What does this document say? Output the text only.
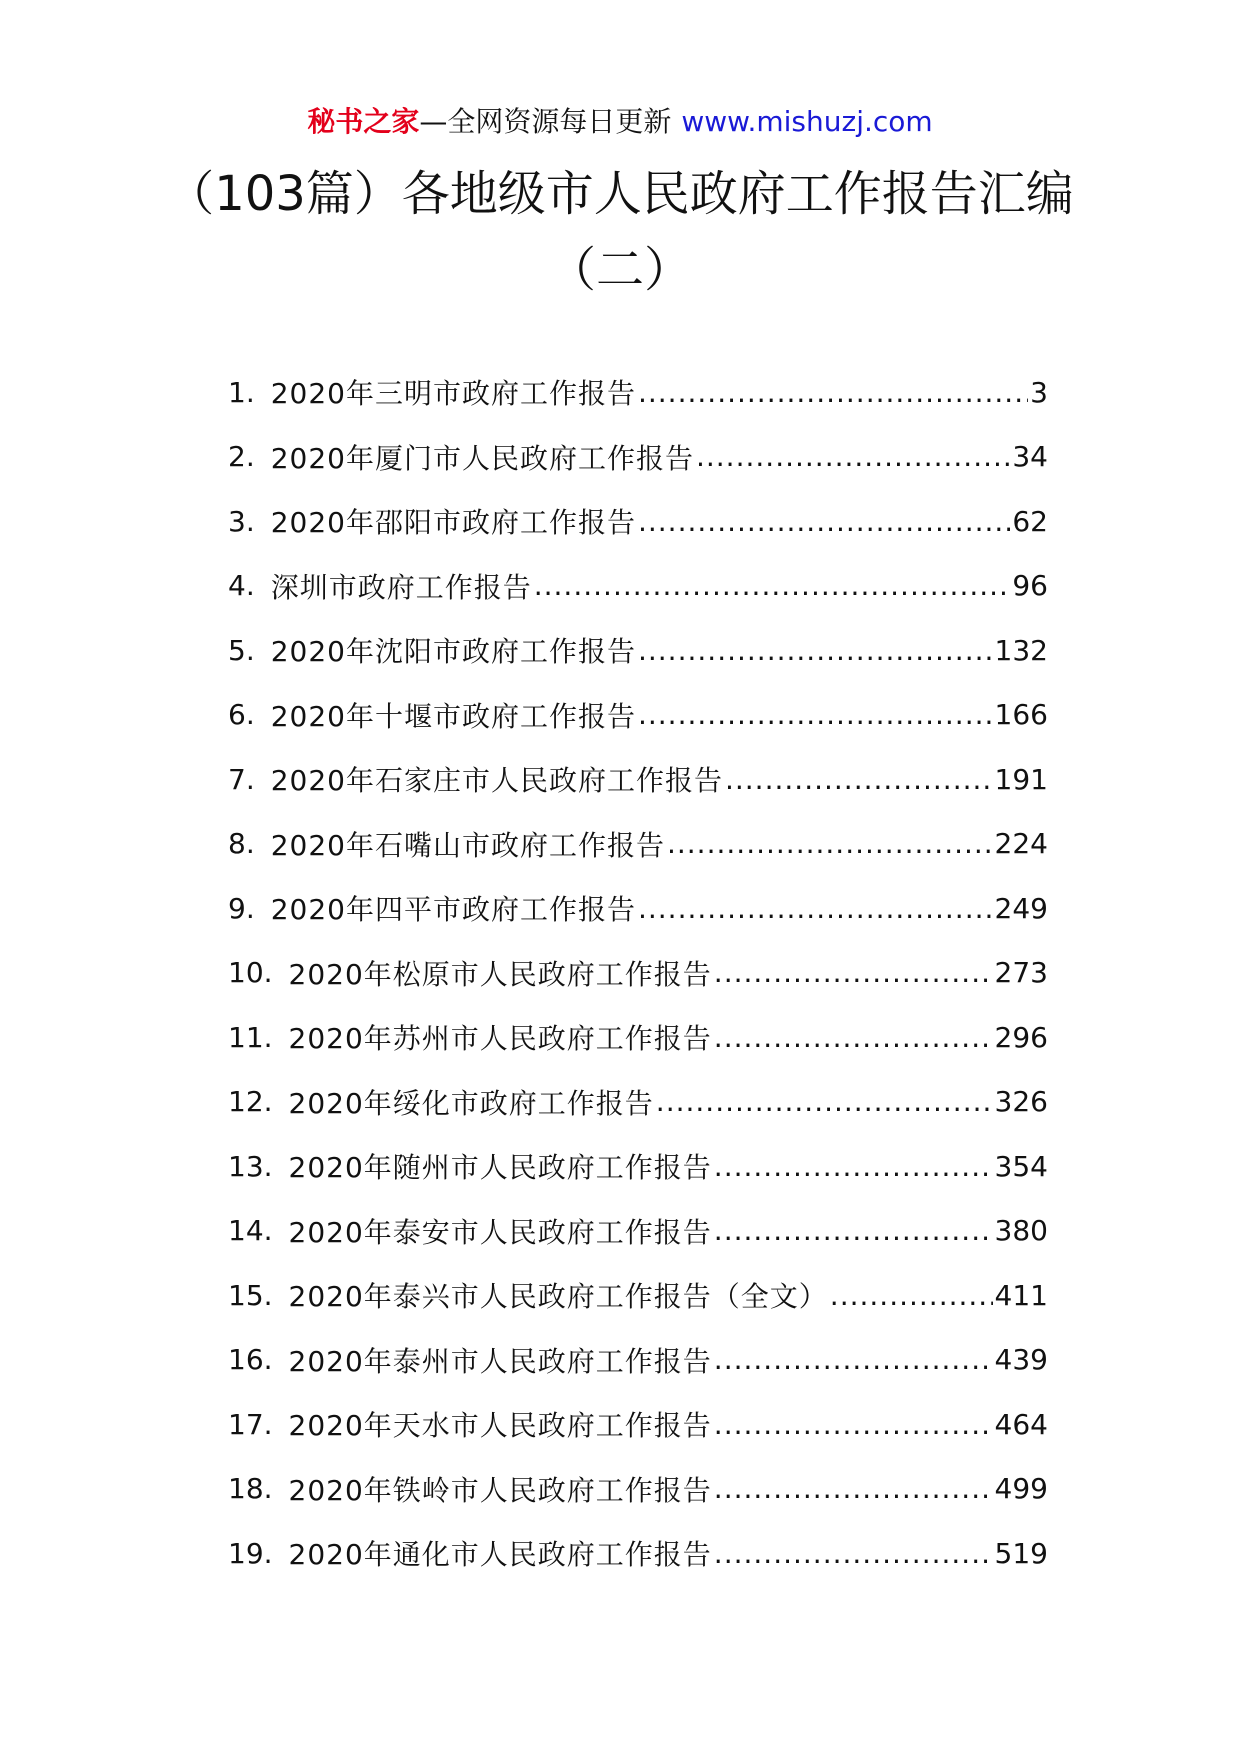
秘书之家—全网资源每日更新 www.mishuzj.com
（103篇）各地级市人民政府工作报告汇编（二）
1. 2020年三明市政府工作报告 .....	3
2. 2020年厦门市人民政府工作报告 .....	34
3. 2020年邵阳市政府工作报告 .....	62
4. 深圳市政府工作报告 .....	96
5. 2020年沈阳市政府工作报告 .....	132
6. 2020年十堰市政府工作报告 .....	166
7. 2020年石家庄市人民政府工作报告 .....	191
8. 2020年石嘴山市政府工作报告 .....	224
9. 2020年四平市政府工作报告 .....	249
10. 2020年松原市人民政府工作报告 .....	273
11. 2020年苏州市人民政府工作报告 .....	296
12. 2020年绥化市政府工作报告 .....	326
13. 2020年随州市人民政府工作报告 .....	354
14. 2020年泰安市人民政府工作报告 .....	380
15. 2020年泰兴市人民政府工作报告（全文） .....	411
16. 2020年泰州市人民政府工作报告 .....	439
17. 2020年天水市人民政府工作报告 .....	464
18. 2020年铁岭市人民政府工作报告 .....	499
19. 2020年通化市人民政府工作报告 .....	519
